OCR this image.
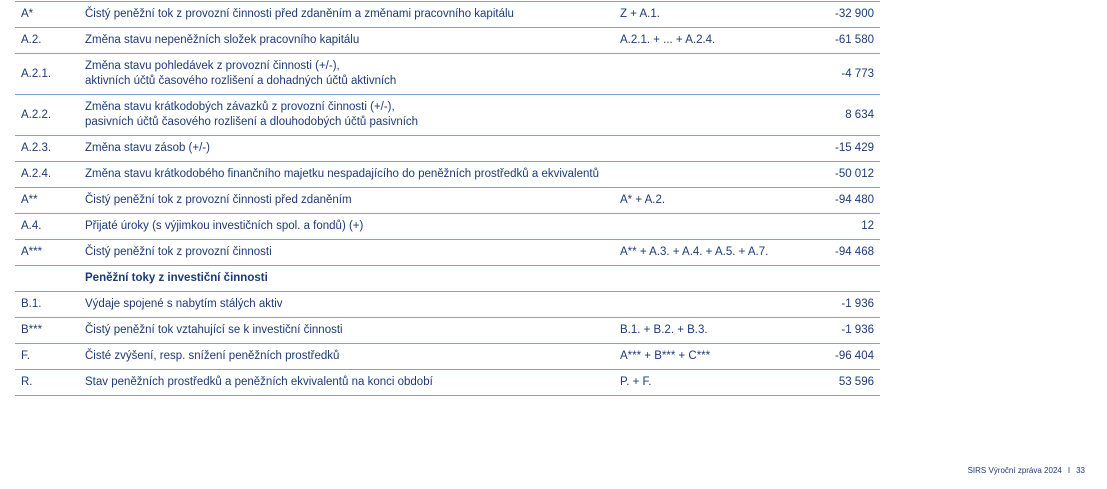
A*	Čistý peněžní tok z provozní činnosti před zdaněním a změnami pracovního kapitálu	Z + A.1.	-32 900
A.2.	Změna stavu nepeněžních složek pracovního kapitálu	A.2.1. + ... + A.2.4.	-61 580
A.2.1.	Změna stavu pohledávek z provozní činnosti (+/-),
aktivních účtů časového rozlišení a dohadných účtů aktivních		-4 773
A.2.2.	Změna stavu krátkodobých závazků z provozní činnosti (+/-),
pasivních účtů časového rozlišení a dlouhodobých účtů pasivních		8 634
A.2.3.	Změna stavu zásob (+/-)		-15 429
A.2.4.	Změna stavu krátkodobého finančního majetku nespadajícího do peněžních prostředků a ekvivalentů		-50 012
A**	Čistý peněžní tok z provozní činnosti před zdaněním	A* + A.2.	-94 480
A.4.	Přijaté úroky (s výjimkou investičních spol. a fondů) (+)		12
A***	Čistý peněžní tok z provozní činnosti	A** + A.3. + A.4. + A.5. + A.7.	-94 468
	Peněžní toky z investiční činnosti		
B.1.	Výdaje spojené s nabytím stálých aktiv		-1 936
B***	Čistý peněžní tok vztahující se k investiční činnosti	B.1. + B.2. + B.3.	-1 936
F.	Čisté zvýšení, resp. snížení peněžních prostředků	A*** + B*** + C***	-96 404
R.	Stav peněžních prostředků a peněžních ekvivalentů na konci období	P. + F.	53 596
SIRS Výroční zpráva 2024 I 33
